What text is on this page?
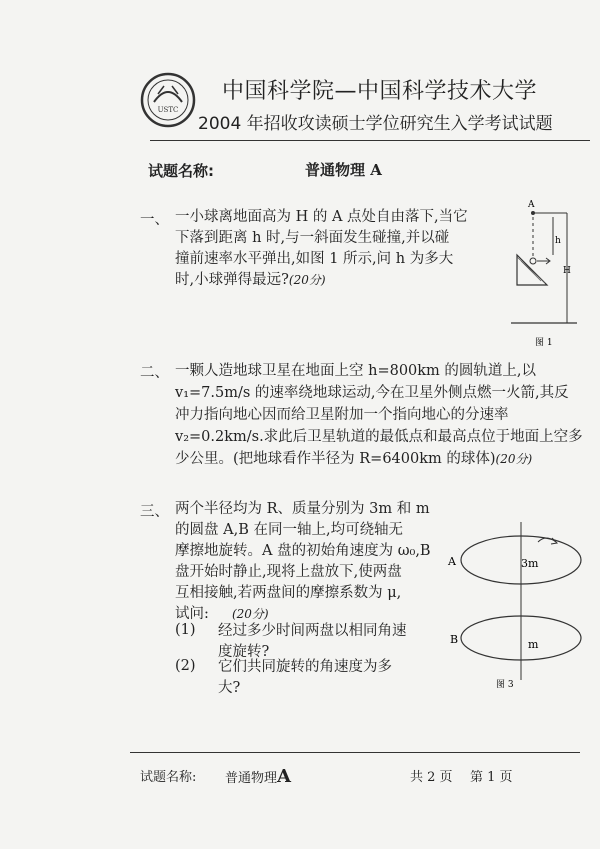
USTC
中国科学院—中国科学技术大学
2004 年招收攻读硕士学位研究生入学考试试题
试题名称:	普通物理 A
一、 一小球离地面高为 H 的 A 点处自由落下,当它
下落到距离 h 时,与一斜面发生碰撞,并以碰
撞前速率水平弹出,如图 1 所示,问 h 为多大
时,小球弹得最远?(20分)
A
h
H
图 1
二、 一颗人造地球卫星在地面上空 h=800km 的圆轨道上,以
v₁=7.5m/s 的速率绕地球运动,今在卫星外侧点燃一火箭,其反
冲力指向地心因而给卫星附加一个指向地心的分速率
v₂=0.2km/s.求此后卫星轨道的最低点和最高点位于地面上空多
少公里。(把地球看作半径为 R=6400km 的球体)(20分)
三、 两个半径均为 R、质量分别为 3m 和 m
的圆盘 A,B 在同一轴上,均可绕轴无
摩擦地旋转。A 盘的初始角速度为 ω₀,B
盘开始时静止,现将上盘放下,使两盘
互相接触,若两盘间的摩擦系数为 μ,
试问: (20分)
(1) 经过多少时间两盘以相同角速
度旋转?
(2) 它们共同旋转的角速度为多
大?
A	3m
B	m
图 3
试题名称: 普通物理A	共 2 页 第 1 页
